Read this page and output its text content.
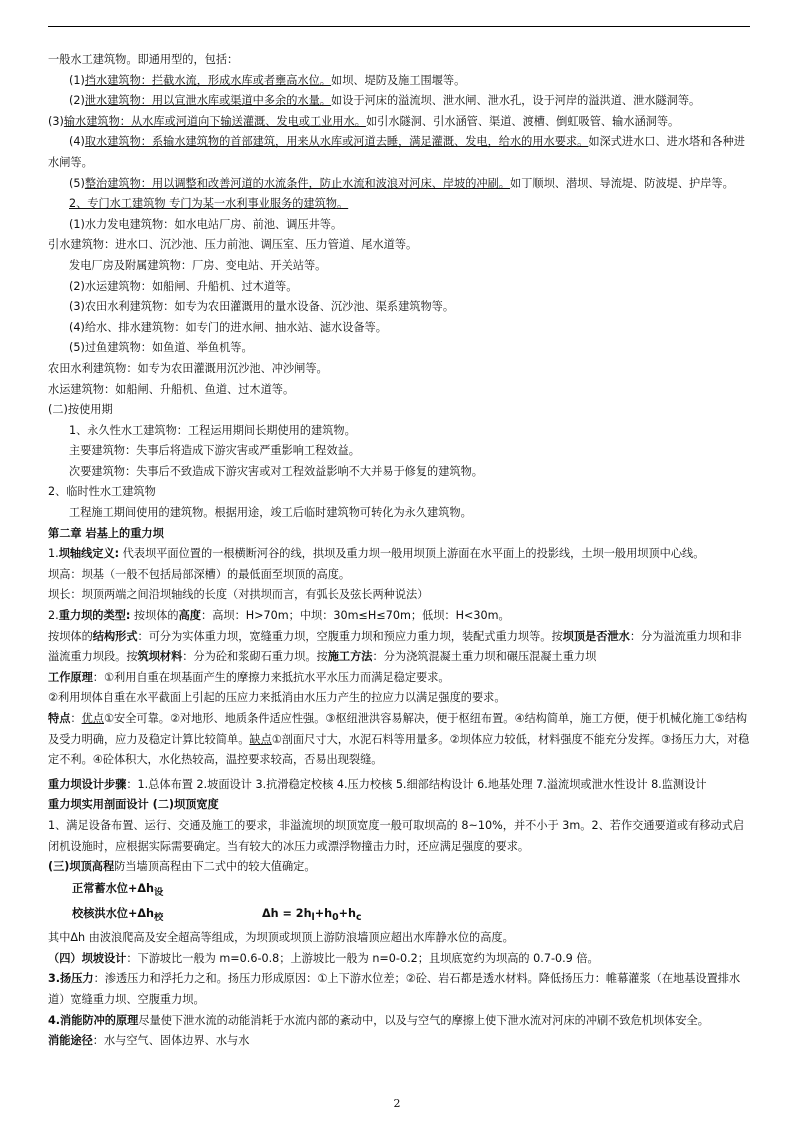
一般水工建筑物。即通用型的，包括：

(1)挡水建筑物：拦截水流，形成水库或者壅高水位。如坝、堤防及施工围堰等。

(2)泄水建筑物：用以宣泄水库或渠道中多余的水量。如设于河床的溢流坝、泄水闸、泄水孔，设于河岸的溢洪道、泄水隧洞等。

(3)输水建筑物：从水库或河道向下输送灌溉、发电或工业用水。如引水隧洞、引水涵管、渠道、渡槽、倒虹吸管、输水涵洞等。

(4)取水建筑物：系输水建筑物的首部建筑，用来从水库或河道去睡，满足灌溉、发电，给水的用水要求。如深式进水口、进水塔和各种进水闸等。

(5)整治建筑物：用以调整和改善河道的水流条件，防止水流和波浪对河床、岸坡的冲刷。如丁顺坝、潜坝、导流堤、防波堤、护岸等。

2、专门水工建筑物 专门为某一水利事业服务的建筑物。

(1)水力发电建筑物：如水电站厂房、前池、调压井等。

引水建筑物：进水口、沉沙池、压力前池、调压室、压力管道、尾水道等。

发电厂房及附属建筑物：厂房、变电站、开关站等。

(2)水运建筑物：如船闸、升船机、过木道等。

(3)农田水利建筑物：如专为农田灌溉用的量水设备、沉沙池、渠系建筑物等。

(4)给水、排水建筑物：如专门的进水闸、抽水站、滤水设备等。

(5)过鱼建筑物：如鱼道、举鱼机等。

农田水利建筑物：如专为农田灌溉用沉沙池、冲沙闸等。

水运建筑物：如船闸、升船机、鱼道、过木道等。

(二)按使用期

1、永久性水工建筑物：工程运用期间长期使用的建筑物。

主要建筑物：失事后将造成下游灾害或严重影响工程效益。

次要建筑物：失事后不致造成下游灾害或对工程效益影响不大并易于修复的建筑物。

2、临时性水工建筑物

工程施工期间使用的建筑物。根据用途，竣工后临时建筑物可转化为永久建筑物。

第二章 岩基上的重力坝

1.坝轴线定义: 代表坝平面位置的一根横断河谷的线，拱坝及重力坝一般用坝顶上游面在水平面上的投影线，土坝一般用坝顶中心线。

坝高：坝基（一般不包括局部深槽）的最低面至坝顶的高度。

坝长：坝顶两端之间沿坝轴线的长度（对拱坝而言，有弧长及弦长两种说法）

2.重力坝的类型: 按坝体的高度：高坝：H>70m；中坝：30m≤H≤70m；低坝：H<30m。

按坝体的结构形式：可分为实体重力坝，宽缝重力坝，空腹重力坝和预应力重力坝，装配式重力坝等。按坝顶是否泄水：分为溢流重力坝和非溢流重力坝段。按筑坝材料：分为砼和浆砌石重力坝。按施工方法：分为浇筑混凝土重力坝和碾压混凝土重力坝

工作原理：①利用自重在坝基面产生的摩擦力来抵抗水平水压力而满足稳定要求。

②利用坝体自重在水平截面上引起的压应力来抵消由水压力产生的拉应力以满足强度的要求。

特点：优点①安全可靠。②对地形、地质条件适应性强。③枢纽泄洪容易解决，便于枢纽布置。④结构简单，施工方便，便于机械化施工⑤结构及受力明确，应力及稳定计算比较简单。缺点①剖面尺寸大，水泥石料等用量多。②坝体应力较低，材料强度不能充分发挥。③扬压力大，对稳定不利。④砼体积大，水化热较高，温控要求较高，否易出现裂缝。

重力坝设计步骤：1.总体布置 2.坡面设计 3.抗滑稳定校核 4.压力校核 5.细部结构设计 6.地基处理 7.溢流坝或泄水性设计 8.监测设计

重力坝实用剖面设计 (二)坝顶宽度

1、满足设备布置、运行、交通及施工的要求，非溢流坝的坝顶宽度一般可取坝高的 8~10%，并不小于 3m。2、若作交通要道或有移动式启闭机设施时，应根据实际需要确定。当有较大的冰压力或漂浮物撞击力时，还应满足强度的要求。

(三)坝顶高程防当墙顶高程由下二式中的较大值确定。

正常蓄水位$+\Delta h_设$
校核洪水位$+\Delta h_校$	$\Delta h = 2h_l+h_0+h_c$

其中Δh 由波浪爬高及安全超高等组成，为坝顶或坝顶上游防浪墙顶应超出水库静水位的高度。

（四）坝坡设计：下游坡比一般为 m=0.6-0.8；上游坡比一般为 n=0-0.2；且坝底宽约为坝高的 0.7-0.9 倍。

3.扬压力：渗透压力和浮托力之和。扬压力形成原因：①上下游水位差；②砼、岩石都是透水材料。降低扬压力：帷幕灌浆（在地基设置排水道）宽缝重力坝、空腹重力坝。

4.消能防冲的原理尽量使下泄水流的动能消耗于水流内部的紊动中，以及与空气的摩擦上使下泄水流对河床的冲刷不致危机坝体安全。

消能途径：水与空气、固体边界、水与水

2
